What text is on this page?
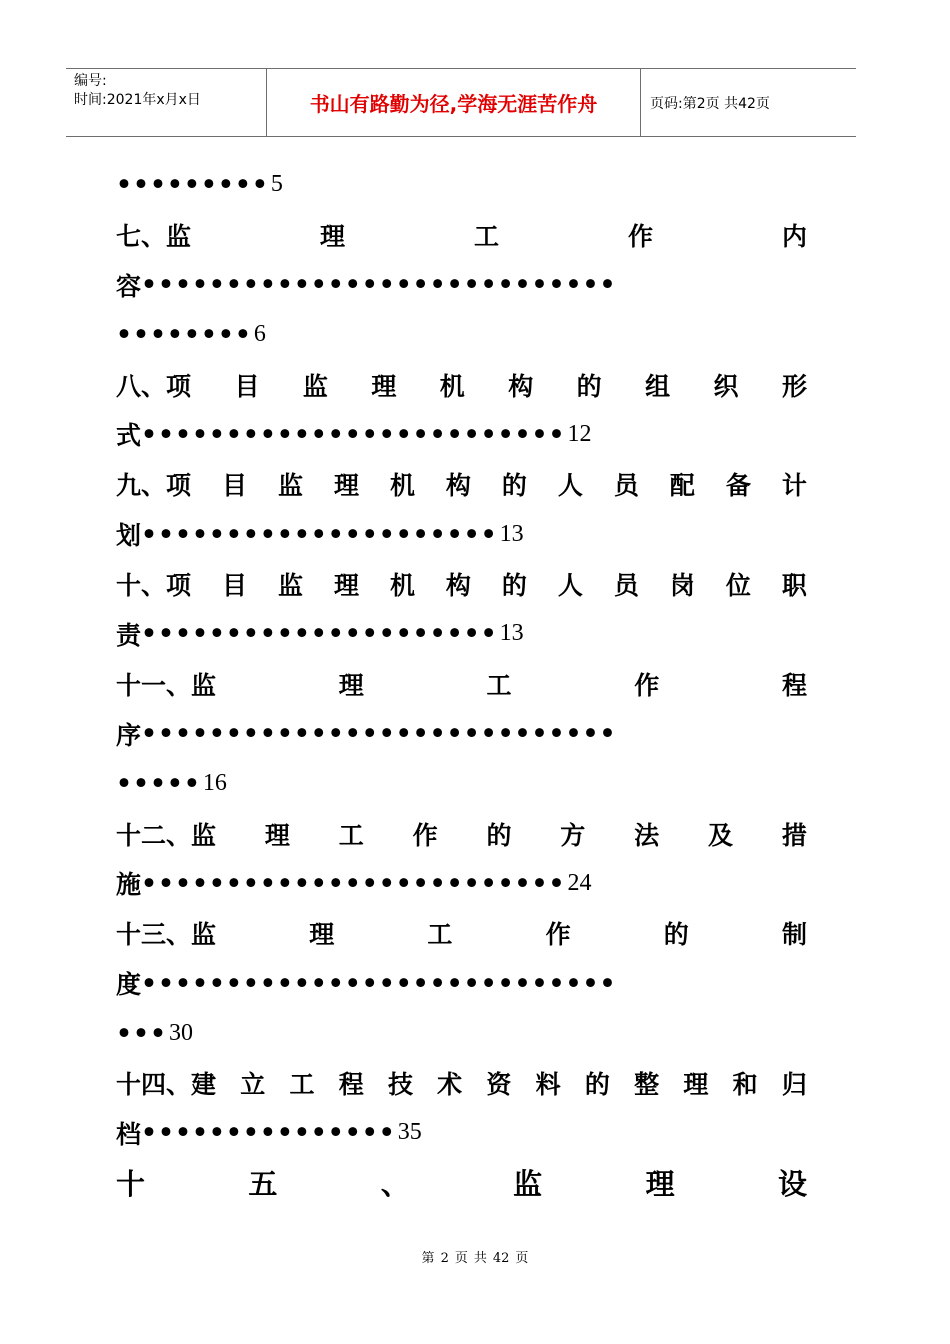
编号:
时间:2021年x月x日	书山有路勤为径,学海无涯苦作舟	页码:第2页 共42页
••••••••• 5
七、监	理	工	作	内
容 ••••••••••••••••••••••••••••
•••••••• 6
八、项 目 监 理 机 构 的 组 织 形
式 ••••••••••••••••••••••••• 12
九、项 目 监 理 机 构 的 人 员 配 备 计
划 ••••••••••••••••••••• 13
十、项 目 监 理 机 构 的 人 员 岗 位 职
责 ••••••••••••••••••••• 13
十一、监	理	工	作	程
序 ••••••••••••••••••••••••••••
••••• 16
十二、监 理 工 作 的 方 法 及 措
施 ••••••••••••••••••••••••• 24
十三、监	理	工	作	的	制
度 ••••••••••••••••••••••••••••
••• 30
十四、建 立 工 程 技 术 资 料 的 整 理 和 归
档 ••••••••••••••• 35
十	五	、	监	理	设
第 2 页 共 42 页
